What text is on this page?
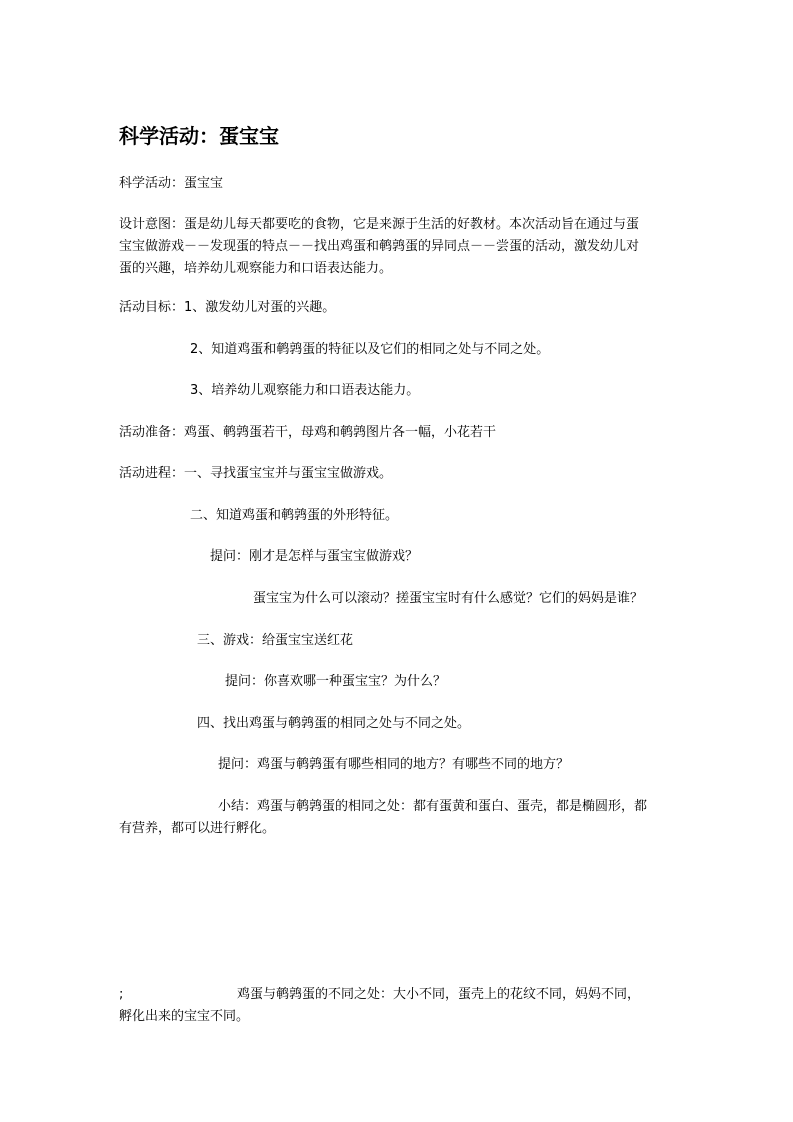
科学活动：蛋宝宝
科学活动：蛋宝宝
设计意图：蛋是幼儿每天都要吃的食物，它是来源于生活的好教材。本次活动旨在通过与蛋
宝宝做游戏－－发现蛋的特点－－找出鸡蛋和鹌鹑蛋的异同点－－尝蛋的活动，激发幼儿对
蛋的兴趣，培养幼儿观察能力和口语表达能力。
活动目标：1、激发幼儿对蛋的兴趣。
2、知道鸡蛋和鹌鹑蛋的特征以及它们的相同之处与不同之处。
3、培养幼儿观察能力和口语表达能力。
活动准备：鸡蛋、鹌鹑蛋若干，母鸡和鹌鹑图片各一幅，小花若干
活动进程：一、寻找蛋宝宝并与蛋宝宝做游戏。
二、知道鸡蛋和鹌鹑蛋的外形特征。
提问：刚才是怎样与蛋宝宝做游戏？
蛋宝宝为什么可以滚动？搓蛋宝宝时有什么感觉？它们的妈妈是谁？
三、游戏：给蛋宝宝送红花
提问：你喜欢哪一种蛋宝宝？为什么？
四、找出鸡蛋与鹌鹑蛋的相同之处与不同之处。
提问：鸡蛋与鹌鹑蛋有哪些相同的地方？有哪些不同的地方？
小结：鸡蛋与鹌鹑蛋的相同之处：都有蛋黄和蛋白、蛋壳，都是椭圆形，都
有营养，都可以进行孵化。
;	鸡蛋与鹌鹑蛋的不同之处：大小不同，蛋壳上的花纹不同，妈妈不同，
孵化出来的宝宝不同。
